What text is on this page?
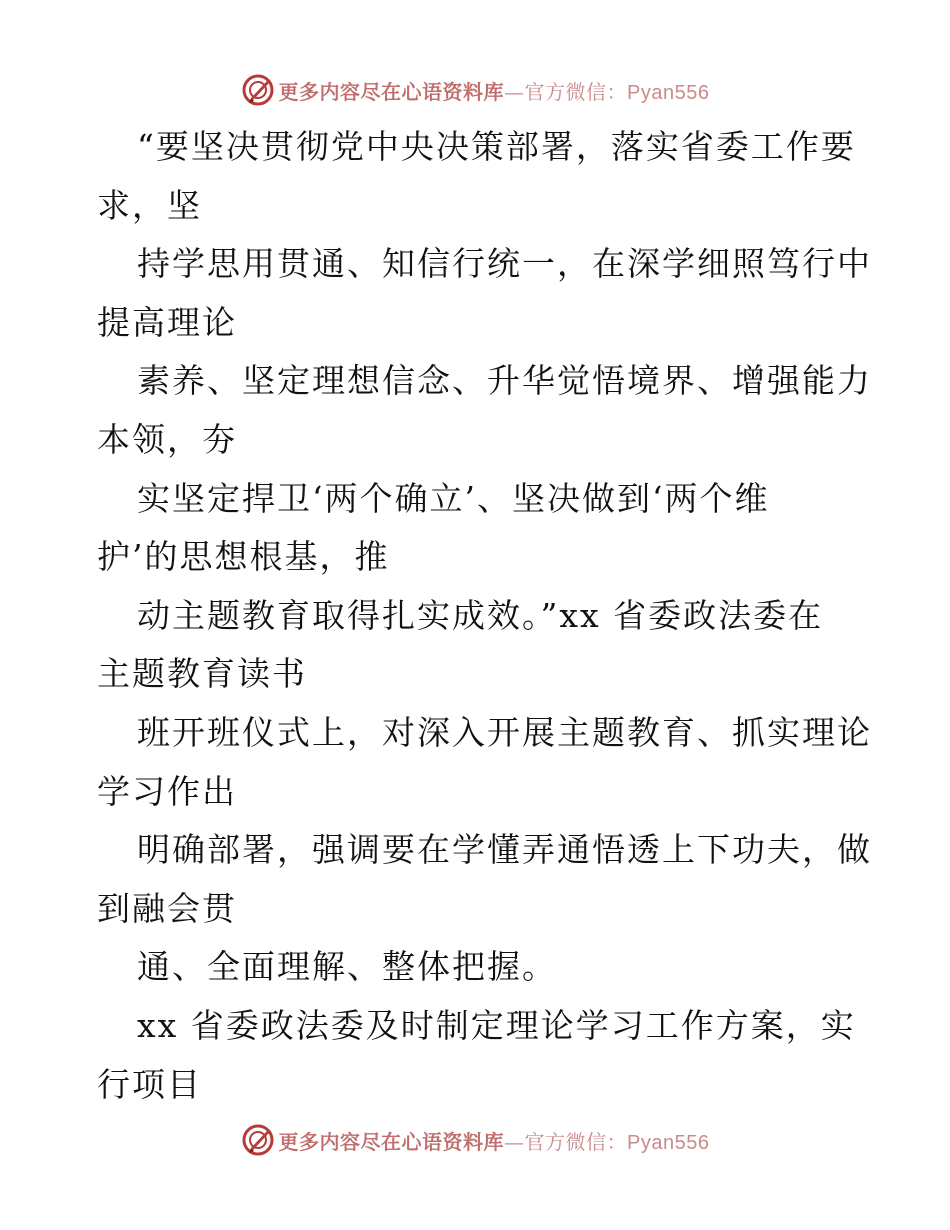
更多内容尽在心语资料库—官方微信：Pyan556
“要坚决贯彻党中央决策部署，落实省委工作要
求，坚
持学思用贯通、知信行统一，在深学细照笃行中
提高理论
素养、坚定理想信念、升华觉悟境界、增强能力
本领，夯
实坚定捍卫‘两个确立’、坚决做到‘两个维
护’的思想根基，推
动主题教育取得扎实成效。”xx 省委政法委在
主题教育读书
班开班仪式上，对深入开展主题教育、抓实理论
学习作出
明确部署，强调要在学懂弄通悟透上下功夫，做
到融会贯
通、全面理解、整体把握。
xx 省委政法委及时制定理论学习工作方案，实
行项目
更多内容尽在心语资料库—官方微信：Pyan556
